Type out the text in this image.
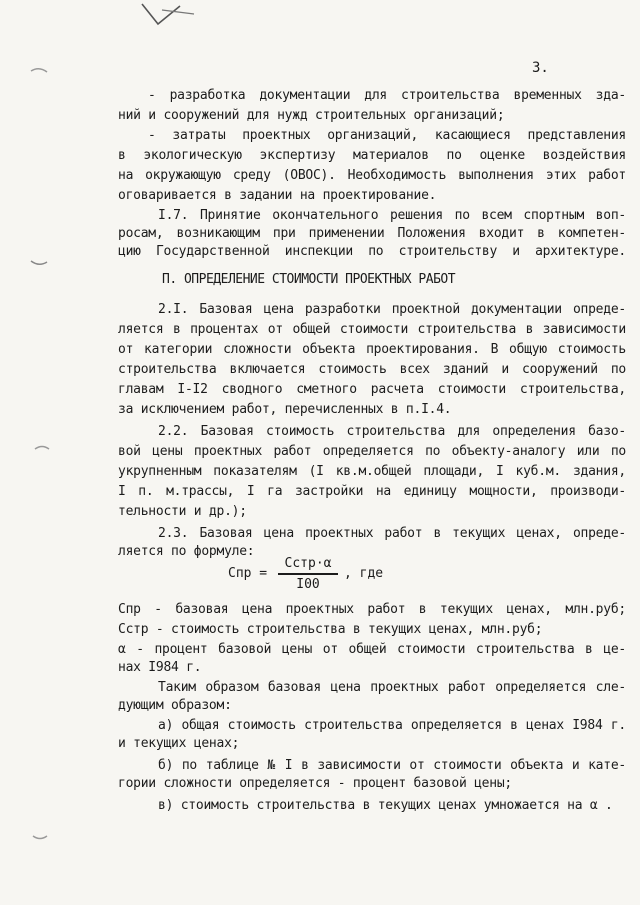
3.
- разработка документации для строительства временных зда-
ний и сооружений для нужд строительных организаций;
- затраты проектных организаций, касающиеся представления
в экологическую экспертизу материалов по оценке воздействия
на окружающую среду (ОВОС). Необходимость выполнения этих работ
оговаривается в задании на проектирование.
I.7. Принятие окончательного решения по всем спортным воп-
росам, возникающим при применении Положения входит в компетен-
цию Государственной инспекции по строительству и архитектуре.
П. ОПРЕДЕЛЕНИЕ СТОИМОСТИ ПРОЕКТНЫХ РАБОТ
2.I. Базовая цена разработки проектной документации опреде-
ляется в процентах от общей стоимости строительства в зависимости
от категории сложности объекта проектирования. В общую стоимость
строительства включается стоимость всех зданий и сооружений по
главам I-I2 сводного сметного расчета стоимости строительства,
за исключением работ, перечисленных в п.I.4.
2.2. Базовая стоимость строительства для определения базо-
вой цены проектных работ определяется по объекту-аналогу или по
укрупненным показателям (I кв.м.общей площади, I куб.м. здания,
I п. м.трассы, I га застройки на единицу мощности, производи-
тельности и др.);
2.3. Базовая цена проектных работ в текущих ценах, опреде-
ляется по формуле:
Спр - базовая цена проектных работ в текущих ценах, млн.руб;
Сстр - стоимость строительства в текущих ценах, млн.руб;
α - процент базовой цены от общей стоимости строительства в це-
нах I984 г.
Таким образом базовая цена проектных работ определяется сле-
дующим образом:
а) общая стоимость строительства определяется в ценах I984 г.
и текущих ценах;
б) по таблице № I в зависимости от стоимости объекта и кате-
гории сложности определяется - процент базовой цены;
в) стоимость строительства в текущих ценах умножается на α .
Спр =
Сстр·α
I00
, где
